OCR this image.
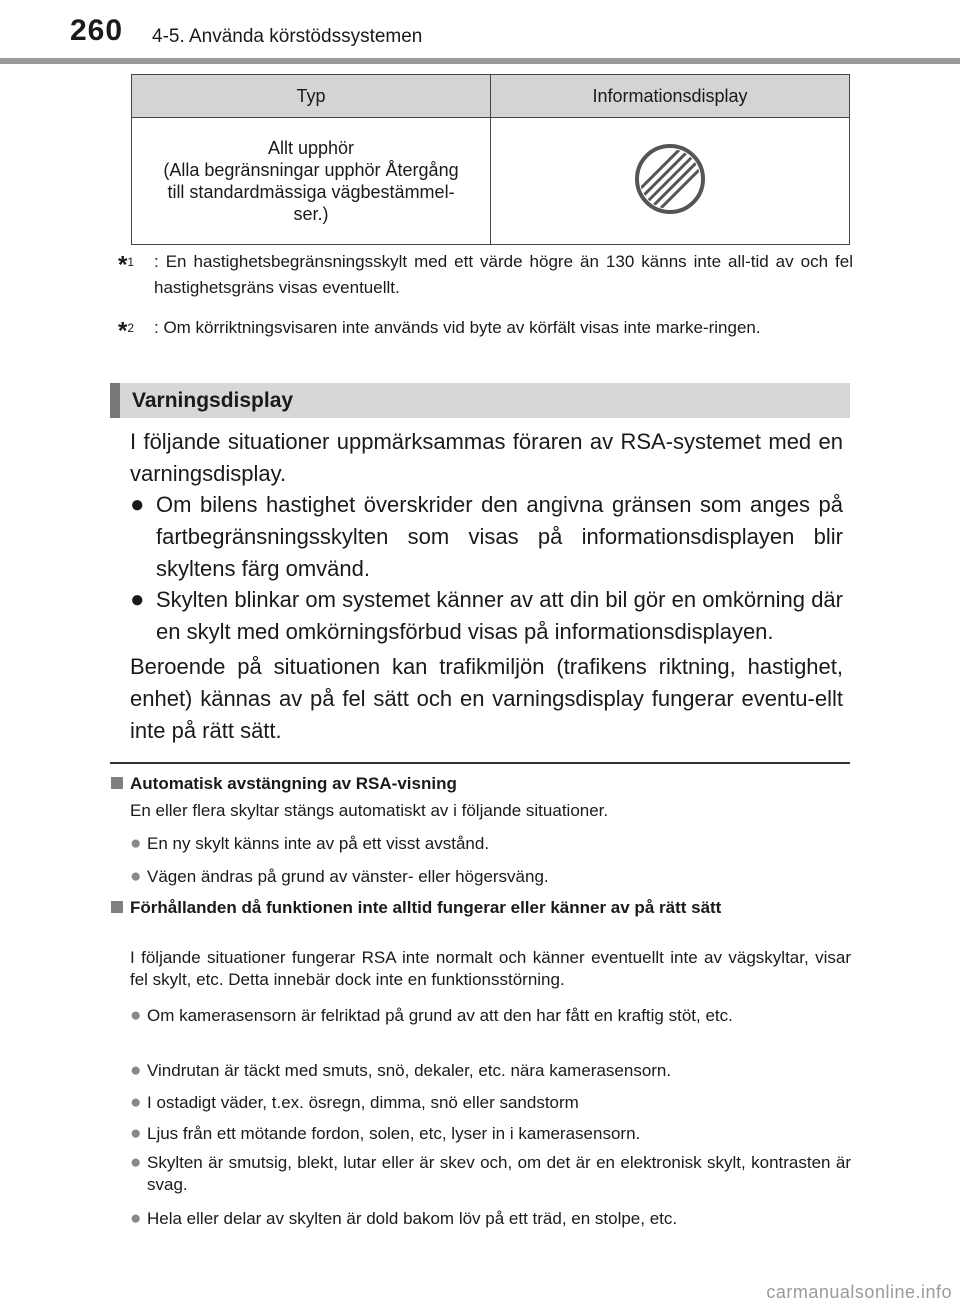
260 4-5. Använda körstödssystemen
Typ	Informationsdisplay

Allt upphör
(Alla begränsningar upphör Återgång
till standardmässiga vägbestämmel-
ser.)

*$^1$	: En hastighetsbegränsningsskylt med ett värde högre än 130 känns inte all-tid av och fel hastighetsgräns visas eventuellt.
*$^2$	: Om körriktningsvisaren inte används vid byte av körfält visas inte marke-ringen.
Varningsdisplay
I följande situationer uppmärksammas föraren av RSA-systemet med en varningsdisplay.
● Om bilens hastighet överskrider den angivna gränsen som anges på fartbegränsningsskylten som visas på informationsdisplayen blir skyltens färg omvänd.
● Skylten blinkar om systemet känner av att din bil gör en omkörning där en skylt med omkörningsförbud visas på informationsdisplayen.
Beroende på situationen kan trafikmiljön (trafikens riktning, hastighet, enhet) kännas av på fel sätt och en varningsdisplay fungerar eventu-ellt inte på rätt sätt.
Automatisk avstängning av RSA-visning
En eller flera skyltar stängs automatiskt av i följande situationer.
● En ny skylt känns inte av på ett visst avstånd.
● Vägen ändras på grund av vänster- eller högersväng.
Förhållanden då funktionen inte alltid fungerar eller känner av på rätt sätt
I följande situationer fungerar RSA inte normalt och känner eventuellt inte av vägskyltar, visar fel skylt, etc. Detta innebär dock inte en funktionsstörning.
● Om kamerasensorn är felriktad på grund av att den har fått en kraftig stöt, etc.
● Vindrutan är täckt med smuts, snö, dekaler, etc. nära kamerasensorn.
● I ostadigt väder, t.ex. ösregn, dimma, snö eller sandstorm
● Ljus från ett mötande fordon, solen, etc, lyser in i kamerasensorn.
● Skylten är smutsig, blekt, lutar eller är skev och, om det är en elektronisk skylt, kontrasten är svag.
● Hela eller delar av skylten är dold bakom löv på ett träd, en stolpe, etc.
carmanualsonline.info
